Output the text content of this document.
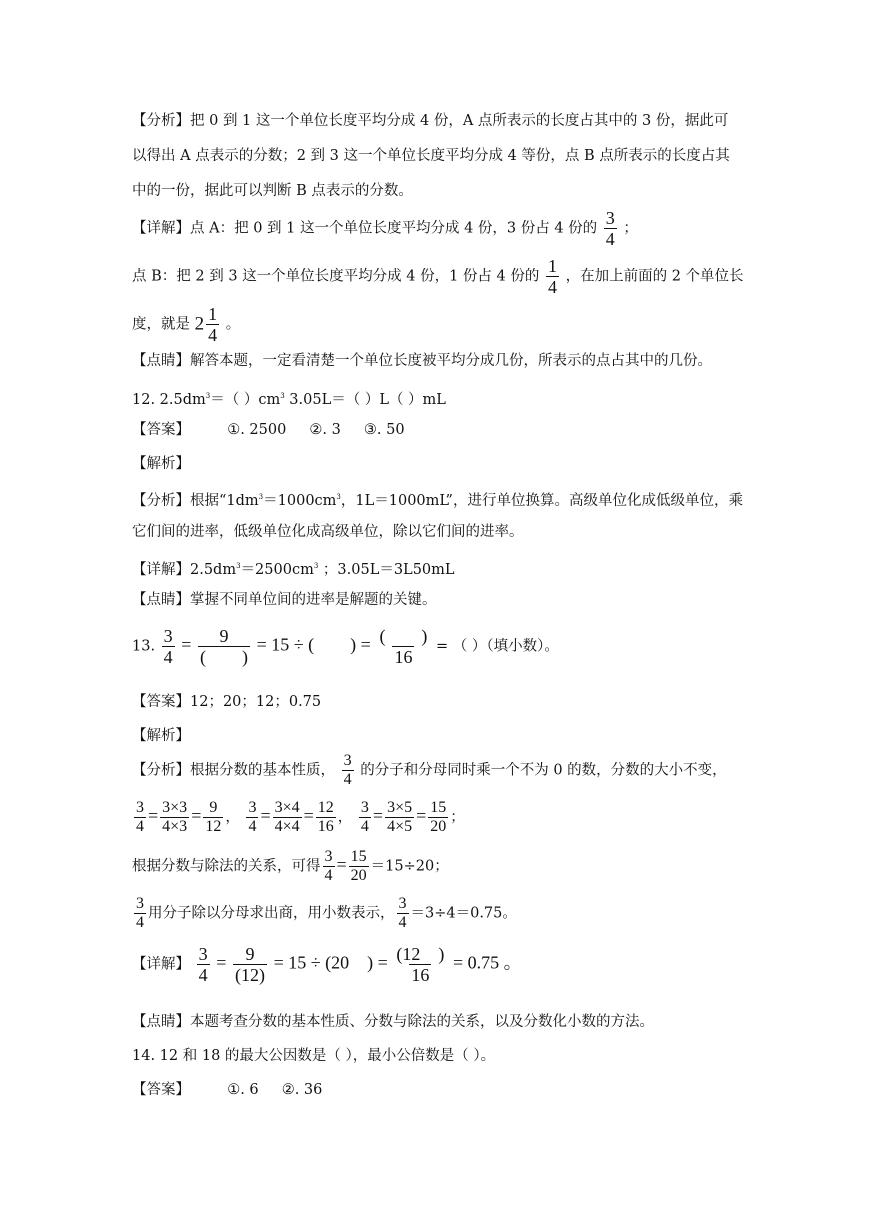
【分析】把 0 到 1 这一个单位长度平均分成 4 份，A 点所表示的长度占其中的 3 份，据此可
以得出 A 点表示的分数；2 到 3 这一个单位长度平均分成 4 等份，点 B 点所表示的长度占其
中的一份，据此可以判断 B 点表示的分数。
【详解】点 A：把 0 到 1 这一个单位长度平均分成 4 份，3 份占 4 份的 $\frac{3}{4}$ ；
点 B：把 2 到 3 这一个单位长度平均分成 4 份，1 份占 4 份的 $\frac{1}{4}$ ，在加上前面的 2 个单位长
度，就是 $2 \frac{1}{4}$ 。
【点睛】解答本题，一定看清楚一个单位长度被平均分成几份，所表示的点占其中的几份。
12. $2.5dm^3=$（ ）$cm^3$ 3.05L＝（ ）L（ ）mL
【答案】	①. 2500     ②. 3     ③. 50
【解析】
【分析】根据“$1dm^3=1000cm^3$，1L＝1000mL”，进行单位换算。高级单位化成低级单位，乘
它们间的进率，低级单位化成高级单位，除以它们间的进率。
【详解】$2.5dm^3=2500cm^3$ ；3.05L＝3L50mL
【点睛】掌握不同单位间的进率是解题的关键。
13. $\frac{3}{4} = \frac{9}{( )} = 15$ ÷ (        ) = $\frac{( )}{16}$ = （ ）（填小数）。
【答案】12；20；12；0.75
【解析】
【分析】根据分数的基本性质， $\frac{3}{4}$ 的分子和分母同时乘一个不为 0 的数，分数的大小不变，
$\frac{3}{4} = \frac{3\times 3}{4\times 3} = \frac{9}{12}$ ， $\frac{3}{4} = \frac{3\times 4}{4\times 4} = \frac{12}{16}$ ， $\frac{3}{4} = \frac{3\times 5}{4\times 5} = \frac{15}{20}$ ；
根据分数与除法的关系，可得 $\frac{3}{4} = \frac{15}{20} =15\div 20$；
$\frac{3}{4}$ 用分子除以分母求出商，用小数表示， $\frac{3}{4} =3\div 4=0.75$。
【详解】 $\frac{3}{4} = \frac{9}{(12)} = 15 \div (20$    ) = $\frac{(12 )}{16} = 0.75$ 。
【点睛】本题考查分数的基本性质、分数与除法的关系，以及分数化小数的方法。
14. 12 和 18 的最大公因数是（ ），最小公倍数是（ ）。
【答案】	①. 6     ②. 36
